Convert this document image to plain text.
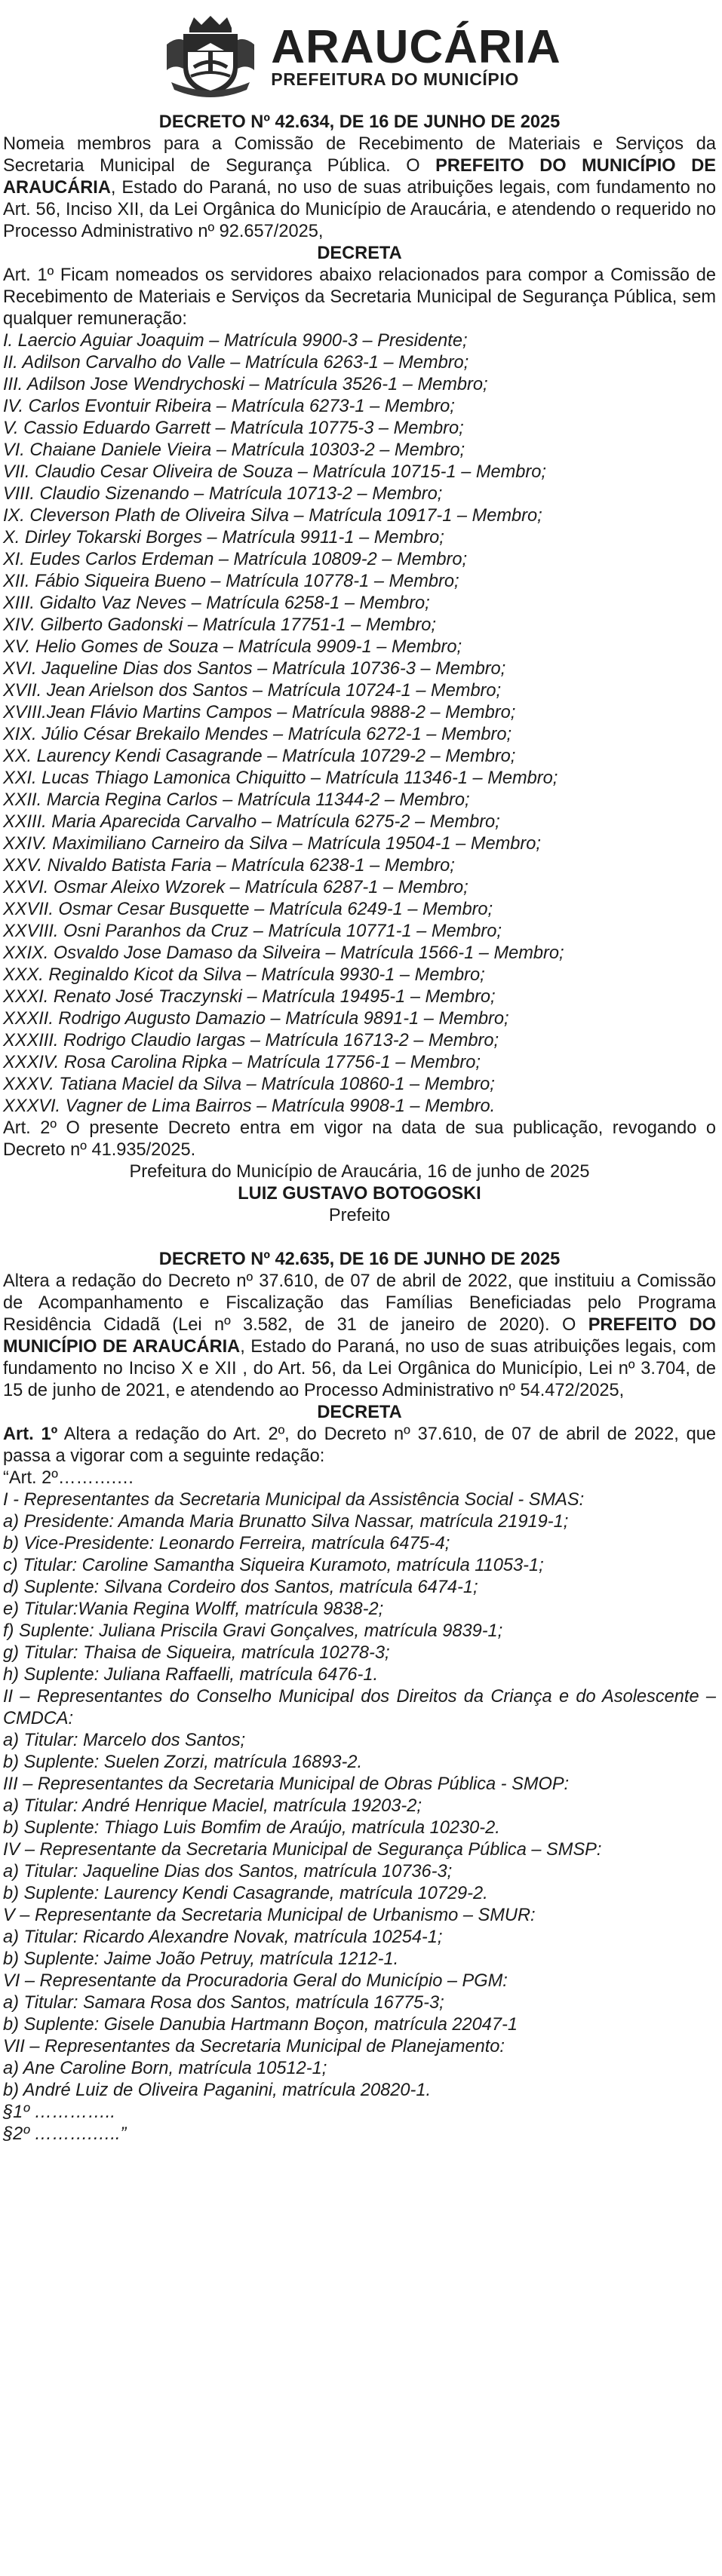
ARAUCÁRIA
PREFEITURA DO MUNICÍPIO

DECRETO Nº 42.634, DE 16 DE JUNHO DE 2025

Nomeia membros para a Comissão de Recebimento de Materiais e Serviços da Secretaria Municipal de Segurança Pública. O PREFEITO DO MUNICÍPIO DE ARAUCÁRIA, Estado do Paraná, no uso de suas atribuições legais, com fundamento no Art. 56, Inciso XII, da Lei Orgânica do Município de Araucária, e atendendo o requerido no Processo Administrativo nº 92.657/2025,

DECRETA

Art. 1º Ficam nomeados os servidores abaixo relacionados para compor a Comissão de Recebimento de Materiais e Serviços da Secretaria Municipal de Segurança Pública, sem qualquer remuneração:

I. Laercio Aguiar Joaquim – Matrícula 9900-3 – Presidente;

II. Adilson Carvalho do Valle – Matrícula 6263-1 – Membro;

III. Adilson Jose Wendrychoski – Matrícula 3526-1 – Membro;

IV. Carlos Evontuir Ribeira – Matrícula 6273-1 – Membro;

V. Cassio Eduardo Garrett – Matrícula 10775-3 – Membro;

VI. Chaiane Daniele Vieira – Matrícula 10303-2 – Membro;

VII. Claudio Cesar Oliveira de Souza – Matrícula 10715-1 – Membro;

VIII. Claudio Sizenando – Matrícula 10713-2 – Membro;

IX. Cleverson Plath de Oliveira Silva – Matrícula 10917-1 – Membro;

X. Dirley Tokarski Borges – Matrícula 9911-1 – Membro;

XI. Eudes Carlos Erdeman – Matrícula 10809-2 – Membro;

XII. Fábio Siqueira Bueno – Matrícula 10778-1 – Membro;

XIII. Gidalto Vaz Neves – Matrícula 6258-1 – Membro;

XIV. Gilberto Gadonski – Matrícula 17751-1 – Membro;

XV. Helio Gomes de Souza – Matrícula 9909-1 – Membro;

XVI. Jaqueline Dias dos Santos – Matrícula 10736-3 – Membro;

XVII. Jean Arielson dos Santos – Matrícula 10724-1 – Membro;

XVIII.Jean Flávio Martins Campos – Matrícula 9888-2 – Membro;

XIX. Júlio César Brekailo Mendes – Matrícula 6272-1 – Membro;

XX. Laurency Kendi Casagrande – Matrícula 10729-2 – Membro;

XXI. Lucas Thiago Lamonica Chiquitto – Matrícula 11346-1 – Membro;

XXII. Marcia Regina Carlos – Matrícula 11344-2 – Membro;

XXIII. Maria Aparecida Carvalho – Matrícula 6275-2 – Membro;

XXIV. Maximiliano Carneiro da Silva – Matrícula 19504-1 – Membro;

XXV. Nivaldo Batista Faria – Matrícula 6238-1 – Membro;

XXVI. Osmar Aleixo Wzorek – Matrícula 6287-1 – Membro;

XXVII. Osmar Cesar Busquette – Matrícula 6249-1 – Membro;

XXVIII. Osni Paranhos da Cruz – Matrícula 10771-1 – Membro;

XXIX. Osvaldo Jose Damaso da Silveira – Matrícula 1566-1 – Membro;

XXX. Reginaldo Kicot da Silva – Matrícula 9930-1 – Membro;

XXXI. Renato José Traczynski – Matrícula 19495-1 – Membro;

XXXII. Rodrigo Augusto Damazio – Matrícula 9891-1 – Membro;

XXXIII. Rodrigo Claudio Iargas – Matrícula 16713-2 – Membro;

XXXIV. Rosa Carolina Ripka – Matrícula 17756-1 – Membro;

XXXV. Tatiana Maciel da Silva – Matrícula 10860-1 – Membro;

XXXVI. Vagner de Lima Bairros – Matrícula 9908-1 – Membro.

Art. 2º O presente Decreto entra em vigor na data de sua publicação, revogando o Decreto nº 41.935/2025.

Prefeitura do Município de Araucária, 16 de junho de 2025

LUIZ GUSTAVO BOTOGOSKI

Prefeito

DECRETO Nº 42.635, DE 16 DE JUNHO DE 2025

Altera a redação do Decreto nº 37.610, de 07 de abril de 2022, que instituiu a Comissão de Acompanhamento e Fiscalização das Famílias Beneficiadas pelo Programa Residência Cidadã (Lei nº 3.582, de 31 de janeiro de 2020). O PREFEITO DO MUNICÍPIO DE ARAUCÁRIA, Estado do Paraná, no uso de suas atribuições legais, com fundamento no Inciso X e XII , do Art. 56, da Lei Orgânica do Município, Lei nº 3.704, de 15 de junho de 2021, e atendendo ao Processo Administrativo nº 54.472/2025,

DECRETA

Art. 1º Altera a redação do Art. 2º, do Decreto nº 37.610, de 07 de abril de 2022, que passa a vigorar com a seguinte redação:

“Art. 2º……….…

I - Representantes da Secretaria Municipal da Assistência Social - SMAS:

a) Presidente: Amanda Maria Brunatto Silva Nassar, matrícula 21919-1;

b) Vice-Presidente: Leonardo Ferreira, matrícula 6475-4;

c) Titular: Caroline Samantha Siqueira Kuramoto, matrícula 11053-1;

d) Suplente: Silvana Cordeiro dos Santos, matrícula 6474-1;

e) Titular:Wania Regina Wolff, matrícula 9838-2;

f) Suplente: Juliana Priscila Gravi Gonçalves, matrícula 9839-1;

g) Titular: Thaisa de Siqueira, matrícula 10278-3;

h) Suplente: Juliana Raffaelli, matrícula 6476-1.

II – Representantes do Conselho Municipal dos Direitos da Criança e do Asolescente – CMDCA:

a) Titular: Marcelo dos Santos;

b) Suplente: Suelen Zorzi, matrícula 16893-2.

III – Representantes da Secretaria Municipal de Obras Pública - SMOP:

a) Titular: André Henrique Maciel, matrícula 19203-2;

b) Suplente: Thiago Luis Bomfim de Araújo, matrícula 10230-2.

IV – Representante da Secretaria Municipal de Segurança Pública – SMSP:

a) Titular: Jaqueline Dias dos Santos, matrícula 10736-3;

b) Suplente: Laurency Kendi Casagrande, matrícula 10729-2.

V – Representante da Secretaria Municipal de Urbanismo – SMUR:

a) Titular: Ricardo Alexandre Novak, matrícula 10254-1;

b) Suplente: Jaime João Petruy, matrícula 1212-1.

VI – Representante da Procuradoria Geral do Município – PGM:

a) Titular: Samara Rosa dos Santos, matrícula 16775-3;

b) Suplente: Gisele Danubia Hartmann Boçon, matrícula 22047-1

VII – Representantes da Secretaria Municipal de Planejamento:

a) Ane Caroline Born, matrícula 10512-1;

b) André Luiz de Oliveira Paganini, matrícula 20820-1.

§1º …………..

§2º ……….…..”
